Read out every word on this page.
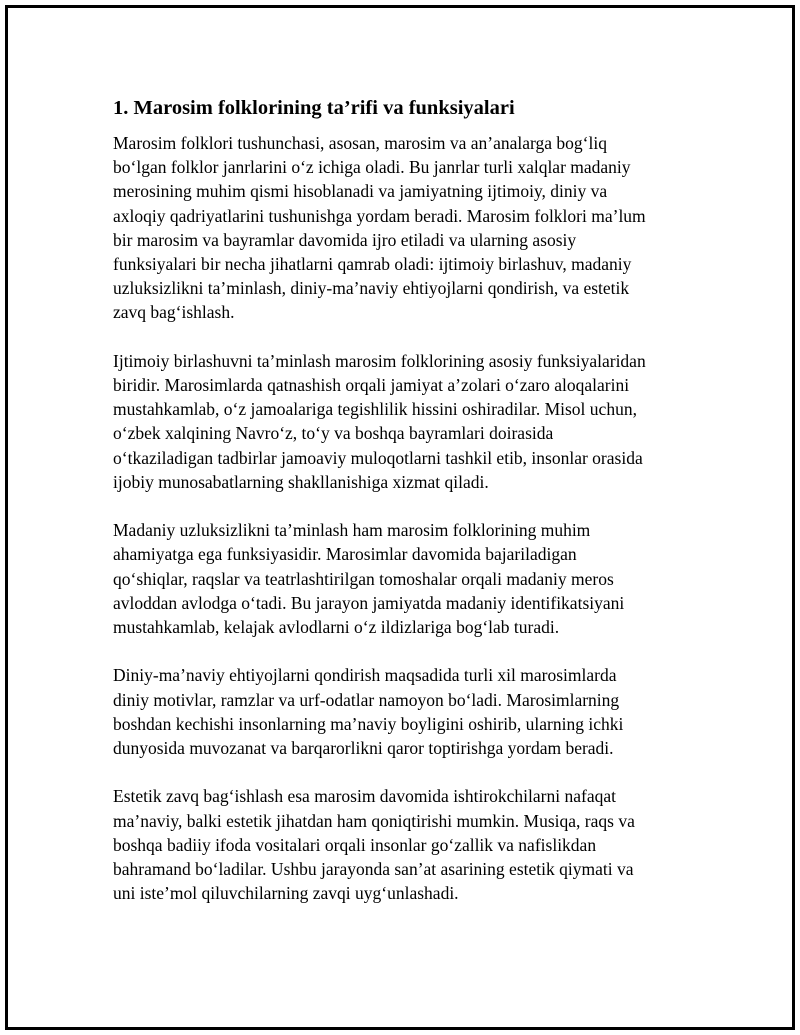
1. Marosim folklorining ta’rifi va funksiyalari

Marosim folklori tushunchasi, asosan, marosim va an’analarga bog‘liq
bo‘lgan folklor janrlarini o‘z ichiga oladi. Bu janrlar turli xalqlar madaniy
merosining muhim qismi hisoblanadi va jamiyatning ijtimoiy, diniy va
axloqiy qadriyatlarini tushunishga yordam beradi. Marosim folklori ma’lum
bir marosim va bayramlar davomida ijro etiladi va ularning asosiy
funksiyalari bir necha jihatlarni qamrab oladi: ijtimoiy birlashuv, madaniy
uzluksizlikni ta’minlash, diniy-ma’naviy ehtiyojlarni qondirish, va estetik
zavq bag‘ishlash.

Ijtimoiy birlashuvni ta’minlash marosim folklorining asosiy funksiyalaridan
biridir. Marosimlarda qatnashish orqali jamiyat a’zolari o‘zaro aloqalarini
mustahkamlab, o‘z jamoalariga tegishlilik hissini oshiradilar. Misol uchun,
o‘zbek xalqining Navro‘z, to‘y va boshqa bayramlari doirasida
o‘tkaziladigan tadbirlar jamoaviy muloqotlarni tashkil etib, insonlar orasida
ijobiy munosabatlarning shakllanishiga xizmat qiladi.

Madaniy uzluksizlikni ta’minlash ham marosim folklorining muhim
ahamiyatga ega funksiyasidir. Marosimlar davomida bajariladigan
qo‘shiqlar, raqslar va teatrlashtirilgan tomoshalar orqali madaniy meros
avloddan avlodga o‘tadi. Bu jarayon jamiyatda madaniy identifikatsiyani
mustahkamlab, kelajak avlodlarni o‘z ildizlariga bog‘lab turadi.

Diniy-ma’naviy ehtiyojlarni qondirish maqsadida turli xil marosimlarda
diniy motivlar, ramzlar va urf-odatlar namoyon bo‘ladi. Marosimlarning
boshdan kechishi insonlarning ma’naviy boyligini oshirib, ularning ichki
dunyosida muvozanat va barqarorlikni qaror toptirishga yordam beradi.

Estetik zavq bag‘ishlash esa marosim davomida ishtirokchilarni nafaqat
ma’naviy, balki estetik jihatdan ham qoniqtirishi mumkin. Musiqa, raqs va
boshqa badiiy ifoda vositalari orqali insonlar go‘zallik va nafislikdan
bahramand bo‘ladilar. Ushbu jarayonda san’at asarining estetik qiymati va
uni iste’mol qiluvchilarning zavqi uyg‘unlashadi.
